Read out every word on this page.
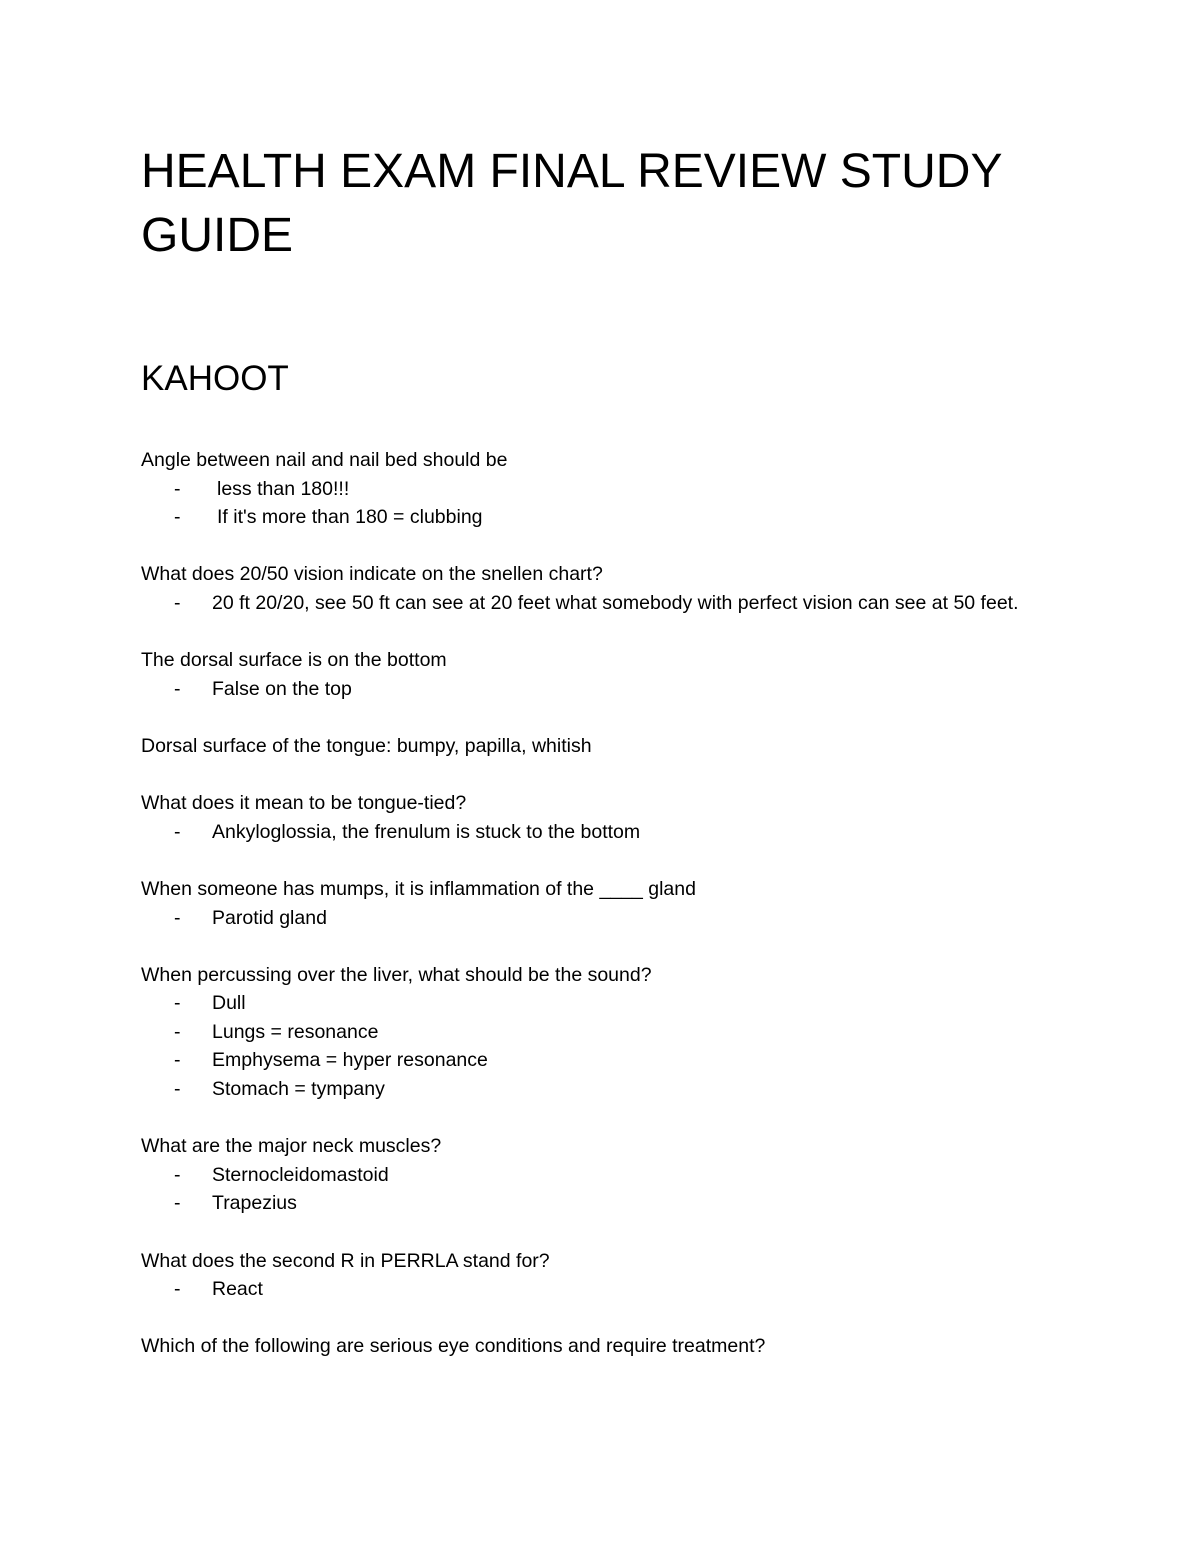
HEALTH EXAM FINAL REVIEW STUDY GUIDE
KAHOOT

Angle between nail and nail bed should be

- less than 180!!!
- If it's more than 180 = clubbing

What does 20/50 vision indicate on the snellen chart?

- 20 ft 20/20, see 50 ft can see at 20 feet what somebody with perfect vision can see at 50 feet.

The dorsal surface is on the bottom

- False on the top

Dorsal surface of the tongue: bumpy, papilla, whitish

What does it mean to be tongue-tied?

- Ankyloglossia, the frenulum is stuck to the bottom

When someone has mumps, it is inflammation of the ____ gland

- Parotid gland

When percussing over the liver, what should be the sound?

- Dull
- Lungs = resonance
- Emphysema = hyper resonance
- Stomach = tympany

What are the major neck muscles?

- Sternocleidomastoid
- Trapezius

What does the second R in PERRLA stand for?

- React

Which of the following are serious eye conditions and require treatment?
